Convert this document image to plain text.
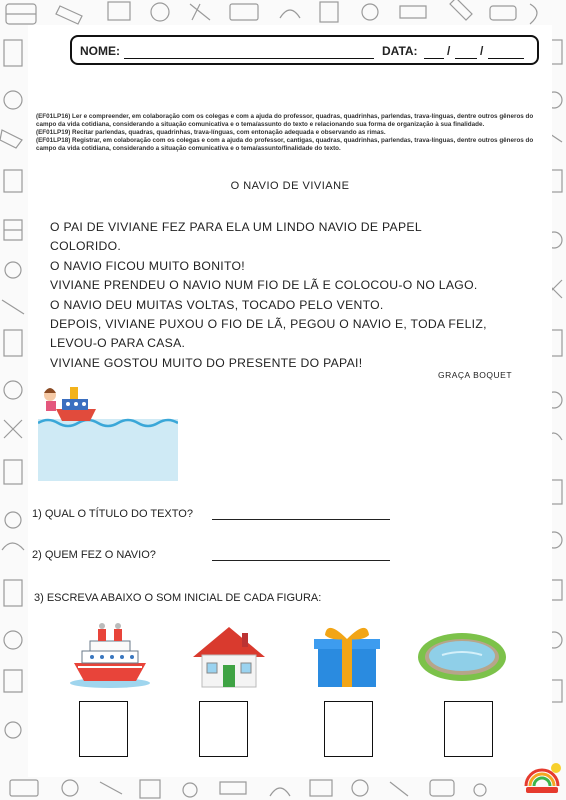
NOME:	DATA: / /
(EF01LP16) Ler e compreender, em colaboração com os colegas e com a ajuda do professor, quadras, quadrinhas, parlendas, trava-línguas, dentre outros gêneros do campo da vida cotidiana, considerando a situação comunicativa e o tema/assunto do texto e relacionando sua forma de organização à sua finalidade.
(EF01LP19) Recitar parlendas, quadras, quadrinhas, trava-línguas, com entonação adequada e observando as rimas.
(EF01LP18) Registrar, em colaboração com os colegas e com a ajuda do professor, cantigas, quadras, quadrinhas, parlendas, trava-línguas, dentre outros gêneros do campo da vida cotidiana, considerando a situação comunicativa e o tema/assunto/finalidade do texto.
O NAVIO DE VIVIANE
O PAI DE VIVIANE FEZ PARA ELA UM LINDO NAVIO DE PAPEL
COLORIDO.
O NAVIO FICOU MUITO BONITO!
VIVIANE PRENDEU O NAVIO NUM FIO DE LÃ E COLOCOU-O NO LAGO.
O NAVIO DEU MUITAS VOLTAS, TOCADO PELO VENTO.
DEPOIS, VIVIANE PUXOU O FIO DE LÃ, PEGOU O NAVIO E, TODA FELIZ,
LEVOU-O PARA CASA.
VIVIANE GOSTOU MUITO DO PRESENTE DO PAPAI!
GRAÇA BOQUET
1) QUAL O TÍTULO DO TEXTO?
2) QUEM FEZ O NAVIO?
3) ESCREVA ABAIXO O SOM INICIAL DE CADA FIGURA:
